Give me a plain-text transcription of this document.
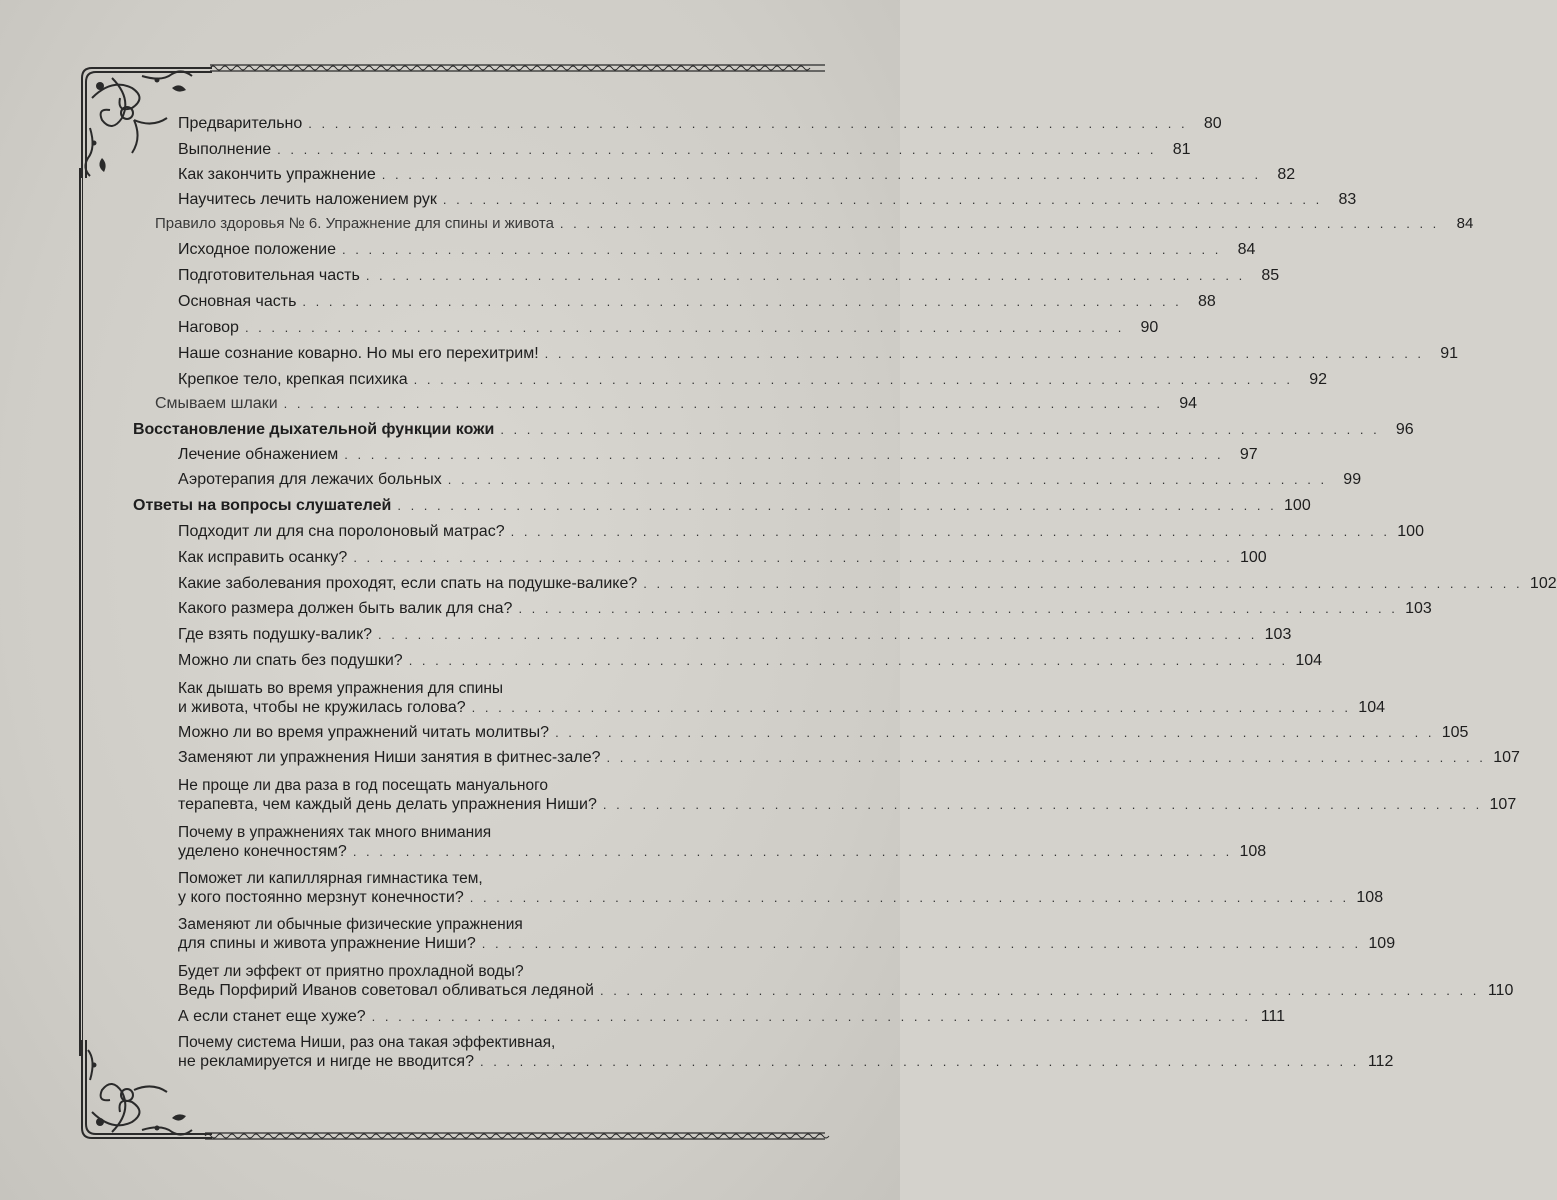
Предварительно . . . . . . . . . . . . . . . . . . . . . . . . . . . . . . . . . . . . . . . . . . . . . . . . . . . . . . . . . . . . . . . . . . .	80
Выполнение . . . . . . . . . . . . . . . . . . . . . . . . . . . . . . . . . . . . . . . . . . . . . . . . . . . . . . . . . . . . . . . . . . .	81
Как закончить упражнение . . . . . . . . . . . . . . . . . . . . . . . . . . . . . . . . . . . . . . . . . . . . . . . . . . . . . . . . . . . . . . . . . . .	82
Научитесь лечить наложением рук . . . . . . . . . . . . . . . . . . . . . . . . . . . . . . . . . . . . . . . . . . . . . . . . . . . . . . . . . . . . . . . . . . .	83
Правило здоровья № 6. Упражнение для спины и живота . . . . . . . . . . . . . . . . . . . . . . . . . . . . . . . . . . . . . . . . . . . . . . . . . . . . . . . . . . . . . . . . . . .	84
Исходное положение . . . . . . . . . . . . . . . . . . . . . . . . . . . . . . . . . . . . . . . . . . . . . . . . . . . . . . . . . . . . . . . . . . .	84
Подготовительная часть . . . . . . . . . . . . . . . . . . . . . . . . . . . . . . . . . . . . . . . . . . . . . . . . . . . . . . . . . . . . . . . . . . .	85
Основная часть . . . . . . . . . . . . . . . . . . . . . . . . . . . . . . . . . . . . . . . . . . . . . . . . . . . . . . . . . . . . . . . . . . .	88
Наговор . . . . . . . . . . . . . . . . . . . . . . . . . . . . . . . . . . . . . . . . . . . . . . . . . . . . . . . . . . . . . . . . . . .	90
Наше сознание коварно. Но мы его перехитрим! . . . . . . . . . . . . . . . . . . . . . . . . . . . . . . . . . . . . . . . . . . . . . . . . . . . . . . . . . . . . . . . . . . .	91
Крепкое тело, крепкая психика . . . . . . . . . . . . . . . . . . . . . . . . . . . . . . . . . . . . . . . . . . . . . . . . . . . . . . . . . . . . . . . . . . .	92
Смываем шлаки . . . . . . . . . . . . . . . . . . . . . . . . . . . . . . . . . . . . . . . . . . . . . . . . . . . . . . . . . . . . . . . . . . .	94
Восстановление дыхательной функции кожи . . . . . . . . . . . . . . . . . . . . . . . . . . . . . . . . . . . . . . . . . . . . . . . . . . . . . . . . . . . . . . . . . . .	96
Лечение обнажением . . . . . . . . . . . . . . . . . . . . . . . . . . . . . . . . . . . . . . . . . . . . . . . . . . . . . . . . . . . . . . . . . . .	97
Аэротерапия для лежачих больных . . . . . . . . . . . . . . . . . . . . . . . . . . . . . . . . . . . . . . . . . . . . . . . . . . . . . . . . . . . . . . . . . . .	99
Ответы на вопросы слушателей . . . . . . . . . . . . . . . . . . . . . . . . . . . . . . . . . . . . . . . . . . . . . . . . . . . . . . . . . . . . . . . . . . . 100
Подходит ли для сна поролоновый матрас? . . . . . . . . . . . . . . . . . . . . . . . . . . . . . . . . . . . . . . . . . . . . . . . . . . . . . . . . . . . . . . . . . . . 100
Как исправить осанку? . . . . . . . . . . . . . . . . . . . . . . . . . . . . . . . . . . . . . . . . . . . . . . . . . . . . . . . . . . . . . . . . . . . 100
Какие заболевания проходят, если спать на подушке-валике? . . . . . . . . . . . . . . . . . . . . . . . . . . . . . . . . . . . . . . . . . . . . . . . . . . . . . . . . . . . . . . . . . . . 102
Какого размера должен быть валик для сна? . . . . . . . . . . . . . . . . . . . . . . . . . . . . . . . . . . . . . . . . . . . . . . . . . . . . . . . . . . . . . . . . . . . 103
Где взять подушку-валик? . . . . . . . . . . . . . . . . . . . . . . . . . . . . . . . . . . . . . . . . . . . . . . . . . . . . . . . . . . . . . . . . . . . 103
Можно ли спать без подушки? . . . . . . . . . . . . . . . . . . . . . . . . . . . . . . . . . . . . . . . . . . . . . . . . . . . . . . . . . . . . . . . . . . . 104
Как дышать во время упражнения для спины
и живота, чтобы не кружилась голова? . . . . . . . . . . . . . . . . . . . . . . . . . . . . . . . . . . . . . . . . . . . . . . . . . . . . . . . . . . . . . . . . . . . 104
Можно ли во время упражнений читать молитвы? . . . . . . . . . . . . . . . . . . . . . . . . . . . . . . . . . . . . . . . . . . . . . . . . . . . . . . . . . . . . . . . . . . . 105
Заменяют ли упражнения Ниши занятия в фитнес-зале? . . . . . . . . . . . . . . . . . . . . . . . . . . . . . . . . . . . . . . . . . . . . . . . . . . . . . . . . . . . . . . . . . . . 107
Не проще ли два раза в год посещать мануального
терапевта, чем каждый день делать упражнения Ниши? . . . . . . . . . . . . . . . . . . . . . . . . . . . . . . . . . . . . . . . . . . . . . . . . . . . . . . . . . . . . . . . . . . . 107
Почему в упражнениях так много внимания
уделено конечностям? . . . . . . . . . . . . . . . . . . . . . . . . . . . . . . . . . . . . . . . . . . . . . . . . . . . . . . . . . . . . . . . . . . . 108
Поможет ли капиллярная гимнастика тем,
у кого постоянно мерзнут конечности? . . . . . . . . . . . . . . . . . . . . . . . . . . . . . . . . . . . . . . . . . . . . . . . . . . . . . . . . . . . . . . . . . . . 108
Заменяют ли обычные физические упражнения
для спины и живота упражнение Ниши? . . . . . . . . . . . . . . . . . . . . . . . . . . . . . . . . . . . . . . . . . . . . . . . . . . . . . . . . . . . . . . . . . . . 109
Будет ли эффект от приятно прохладной воды?
Ведь Порфирий Иванов советовал обливаться ледяной . . . . . . . . . . . . . . . . . . . . . . . . . . . . . . . . . . . . . . . . . . . . . . . . . . . . . . . . . . . . . . . . . . . 110
А если станет еще хуже? . . . . . . . . . . . . . . . . . . . . . . . . . . . . . . . . . . . . . . . . . . . . . . . . . . . . . . . . . . . . . . . . . . . 111
Почему система Ниши, раз она такая эффективная,
не рекламируется и нигде не вводится? . . . . . . . . . . . . . . . . . . . . . . . . . . . . . . . . . . . . . . . . . . . . . . . . . . . . . . . . . . . . . . . . . . . 112
